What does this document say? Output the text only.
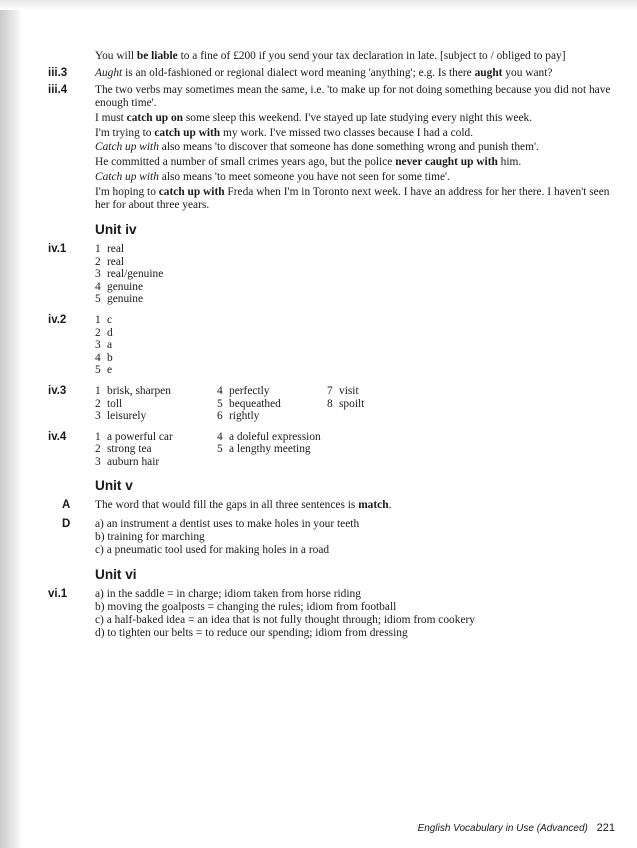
You will be liable to a fine of £200 if you send your tax declaration in late. [subject to / obliged to pay]

iii.3 Aught is an old-fashioned or regional dialect word meaning 'anything'; e.g. Is there aught you want?

iii.4 The two verbs may sometimes mean the same, i.e. 'to make up for not doing something because you did not have enough time'.

I must catch up on some sleep this weekend. I've stayed up late studying every night this week.

I'm trying to catch up with my work. I've missed two classes because I had a cold.

Catch up with also means 'to discover that someone has done something wrong and punish them'.

He committed a number of small crimes years ago, but the police never caught up with him.

Catch up with also means 'to meet someone you have not seen for some time'.

I'm hoping to catch up with Freda when I'm in Toronto next week. I have an address for her there. I haven't seen her for about three years.

Unit iv
iv.1	1 real
2 real
3 real/genuine
4 genuine
5 genuine
iv.2	1 c
2 d
3 a
4 b
5 e
iv.3	1 brisk, sharpen	4 perfectly	7 visit
2 toll	5 bequeathed	8 spoilt
3 leisurely	6 rightly
iv.4	1 a powerful car	4 a doleful expression
2 strong tea	5 a lengthy meeting
3 auburn hair
Unit v
A The word that would fill the gaps in all three sentences is match.

D a) an instrument a dentist uses to make holes in your teeth

b) training for marching

c) a pneumatic tool used for making holes in a road

Unit vi
vi.1 a) in the saddle = in charge; idiom taken from horse riding

b) moving the goalposts = changing the rules; idiom from football

c) a half-baked idea = an idea that is not fully thought through; idiom from cookery

d) to tighten our belts = to reduce our spending; idiom from dressing

English Vocabulary in Use (Advanced) 221
